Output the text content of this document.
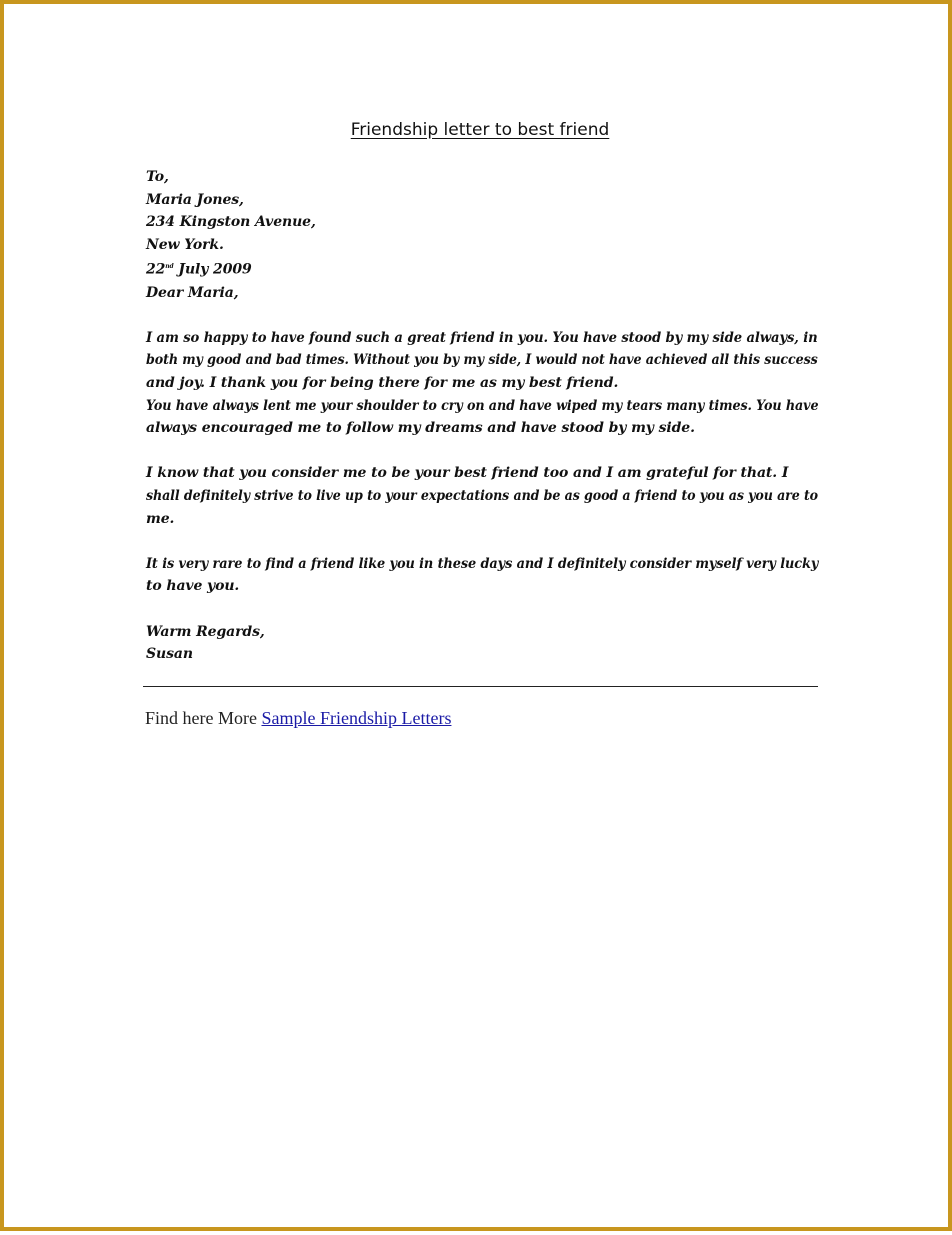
Friendship letter to best friend
To,
Maria Jones,
234 Kingston Avenue,
New York.
22nd July 2009
Dear Maria,
I am so happy to have found such a great friend in you. You have stood by my side always, in
both my good and bad times. Without you by my side, I would not have achieved all this success
and joy. I thank you for being there for me as my best friend.
You have always lent me your shoulder to cry on and have wiped my tears many times. You have
always encouraged me to follow my dreams and have stood by my side.
I know that you consider me to be your best friend too and I am grateful for that. I
shall definitely strive to live up to your expectations and be as good a friend to you as you are to
me.
It is very rare to find a friend like you in these days and I definitely consider myself very lucky
to have you.
Warm Regards,
Susan
Find here More Sample Friendship Letters
